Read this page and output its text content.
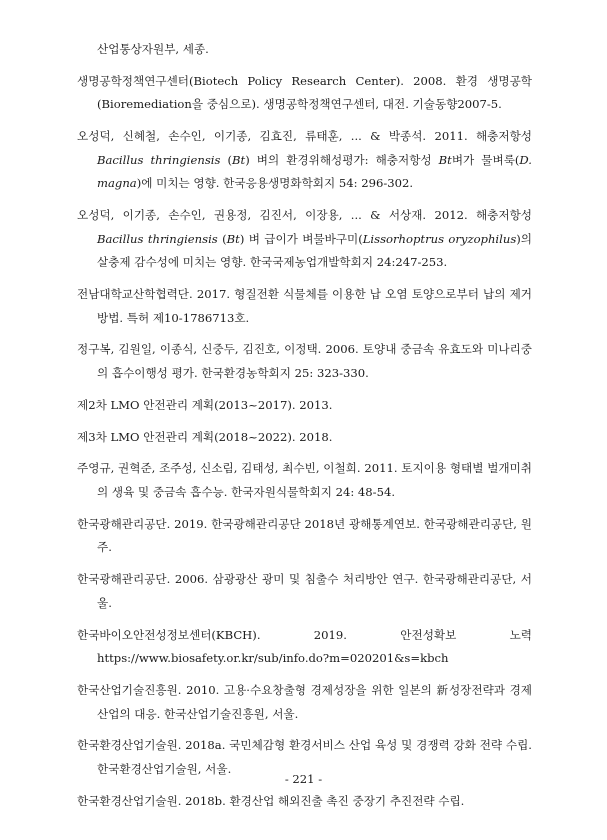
산업통상자원부, 세종.
생명공학정책연구센터(Biotech Policy Research Center). 2008. 환경 생명공학(Bioremediation을 중심으로). 생명공학정책연구센터, 대전. 기술동향2007-5.
오성덕, 신혜철, 손수인, 이기종, 김효진, 류태훈, ... & 박종석. 2011. 해충저항성 Bacillus thringiensis (Bt) 벼의 환경위해성평가: 해충저항성 Bt벼가 물벼룩(D. magna)에 미치는 영향. 한국응용생명화학회지 54: 296-302.
오성덕, 이기종, 손수인, 권용정, 김진서, 이장용, ... & 서상재. 2012. 해충저항성 Bacillus thringiensis (Bt) 벼 급이가 벼물바구미(Lissorhoptrus oryzophilus)의 살충제 감수성에 미치는 영향. 한국국제농업개발학회지 24:247-253.
전남대학교산학협력단. 2017. 형질전환 식물체를 이용한 납 오염 토양으로부터 납의 제거방법. 특허 제10-1786713호.
정구복, 김원일, 이종식, 신중두, 김진호, 이정택. 2006. 토양내 중금속 유효도와 미나리중의 흡수이행성 평가. 한국환경농학회지 25: 323-330.
제2차 LMO 안전관리 계획(2013~2017). 2013.
제3차 LMO 안전관리 계획(2018~2022). 2018.
주영규, 권혁준, 조주성, 신소림, 김태성, 최수빈, 이철희. 2011. 토지이용 형태별 벌개미취의 생육 및 중금속 흡수능. 한국자원식물학회지 24: 48-54.
한국광해관리공단. 2019. 한국광해관리공단 2018년 광해통계연보. 한국광해관리공단, 원주.
한국광해관리공단. 2006. 삼광광산 광미 및 침출수 처리방안 연구. 한국광해관리공단, 서울.
한국바이오안전성정보센터(KBCH). 2019. 안전성확보 노력 https://www.biosafety.or.kr/sub/info.do?m=020201&s=kbch
한국산업기술진흥원. 2010. 고용·수요창출형 경제성장을 위한 일본의 新성장전략과 경제산업의 대응. 한국산업기술진흥원, 서울.
한국환경산업기술원. 2018a. 국민체감형 환경서비스 산업 육성 및 경쟁력 강화 전략 수립. 한국환경산업기술원, 서울.
한국환경산업기술원. 2018b. 환경산업 해외진출 촉진 중장기 추진전략 수립.
- 221 -
